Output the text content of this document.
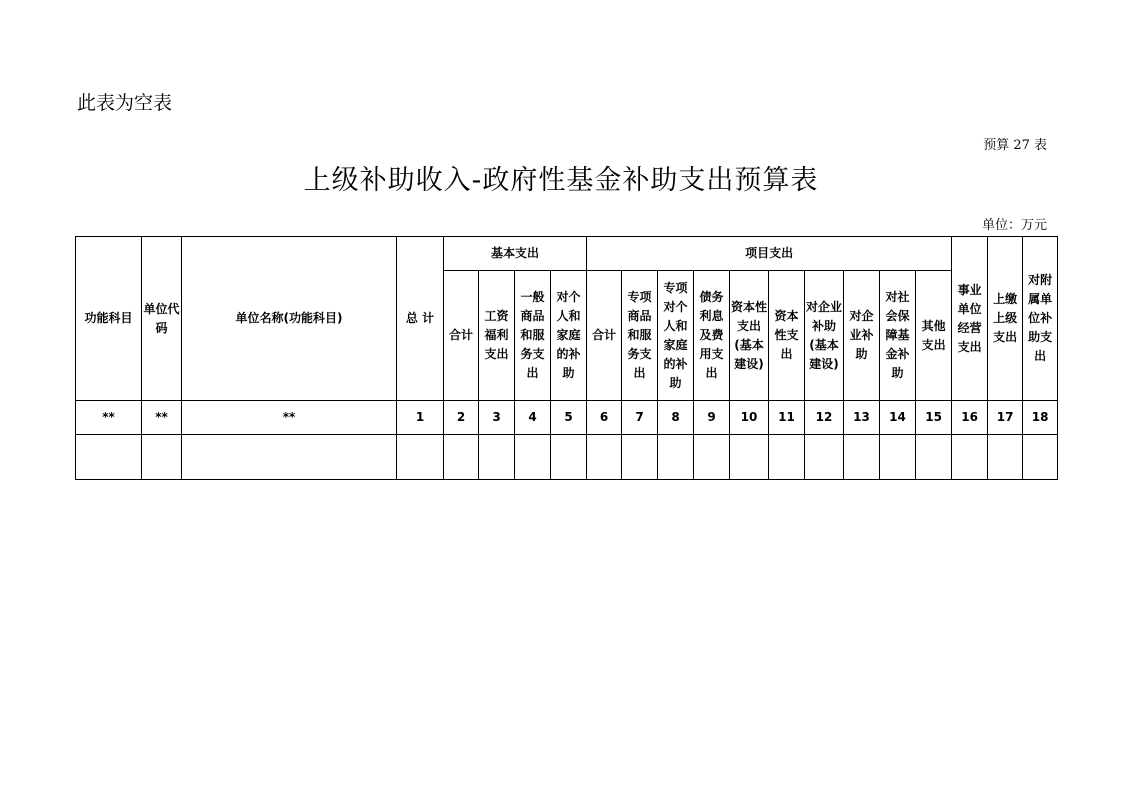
此表为空表
预算 27 表
上级补助收入-政府性基金补助支出预算表
单位：万元
功能科目	单位代码	单位名称(功能科目)	总 计	基本支出				项目支出										事业单位经营支出	上缴上级支出	对附属单位补助支出
				合计	工资福利支出	一般商品和服务支出	对个人和家庭的补助	合计	专项商品和服务支出	专项对个人和家庭的补助	债务利息及费用支出	资本性支出(基本建设)	资本性支出	对企业补助(基本建设)	对企业补助	对社会保障基金补助	其他支出			
**	**	**	1	2	3	4	5	6	7	8	9	10	11	12	13	14	15	16	17	18
